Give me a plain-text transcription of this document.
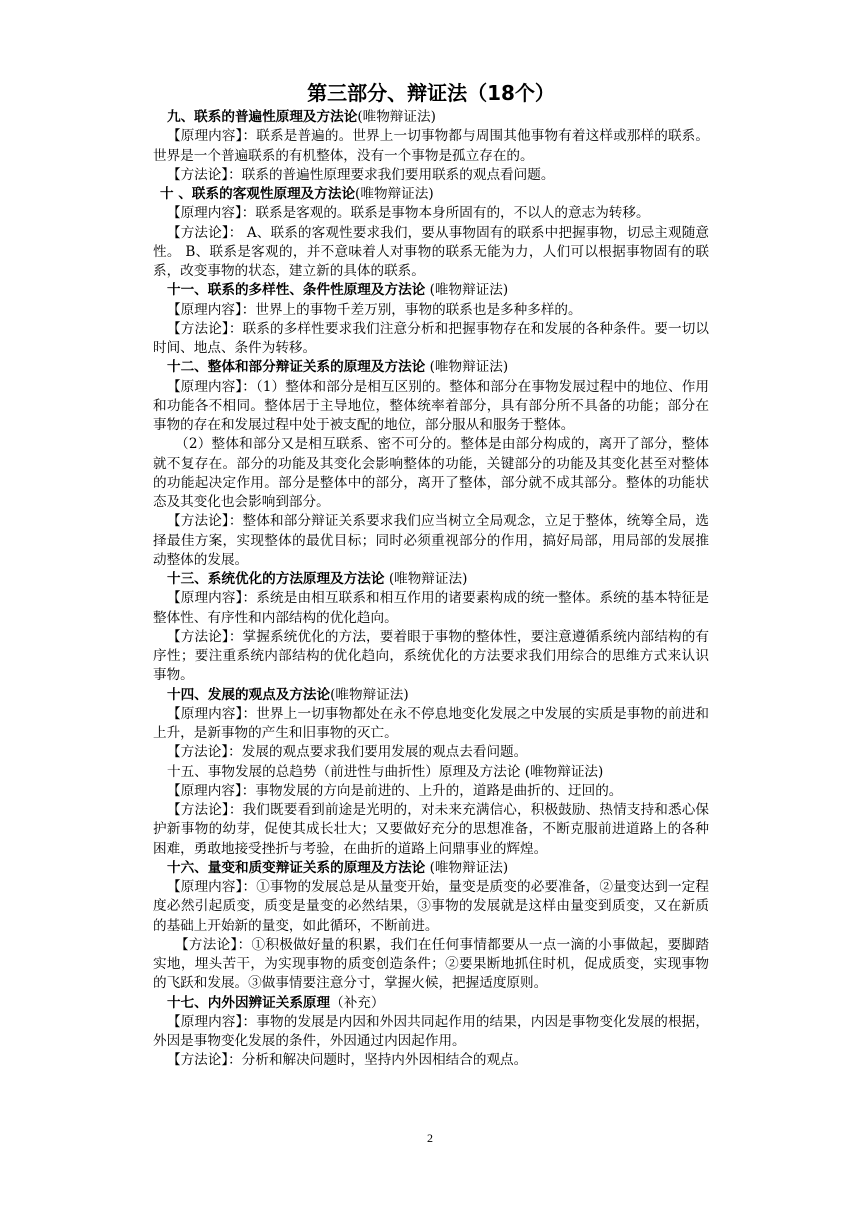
第三部分、辩证法（18个）

九、联系的普遍性原理及方法论(唯物辩证法)

【原理内容】：联系是普遍的。世界上一切事物都与周围其他事物有着这样或那样的联系。世界是一个普遍联系的有机整体，没有一个事物是孤立存在的。

【方法论】：联系的普遍性原理要求我们要用联系的观点看问题。

十 、联系的客观性原理及方法论(唯物辩证法)

【原理内容】：联系是客观的。联系是事物本身所固有的，不以人的意志为转移。

【方法论】： A、联系的客观性要求我们，要从事物固有的联系中把握事物，切忌主观随意性。 B、联系是客观的，并不意味着人对事物的联系无能为力，人们可以根据事物固有的联系，改变事物的状态，建立新的具体的联系。

十一、联系的多样性、条件性原理及方法论 (唯物辩证法)

【原理内容】：世界上的事物千差万别，事物的联系也是多种多样的。

【方法论】：联系的多样性要求我们注意分析和把握事物存在和发展的各种条件。要一切以时间、地点、条件为转移。

十二、整体和部分辩证关系的原理及方法论 (唯物辩证法)

【原理内容】：（1）整体和部分是相互区别的。整体和部分在事物发展过程中的地位、作用和功能各不相同。整体居于主导地位，整体统率着部分，具有部分所不具备的功能；部分在事物的存在和发展过程中处于被支配的地位，部分服从和服务于整体。

（2）整体和部分又是相互联系、密不可分的。整体是由部分构成的，离开了部分，整体就不复存在。部分的功能及其变化会影响整体的功能，关键部分的功能及其变化甚至对整体的功能起决定作用。部分是整体中的部分，离开了整体，部分就不成其部分。整体的功能状态及其变化也会影响到部分。

【方法论】：整体和部分辩证关系要求我们应当树立全局观念，立足于整体，统筹全局，选择最佳方案，实现整体的最优目标；同时必须重视部分的作用，搞好局部，用局部的发展推动整体的发展。

十三、系统优化的方法原理及方法论 (唯物辩证法)

【原理内容】：系统是由相互联系和相互作用的诸要素构成的统一整体。系统的基本特征是整体性、有序性和内部结构的优化趋向。

【方法论】：掌握系统优化的方法，要着眼于事物的整体性，要注意遵循系统内部结构的有序性；要注重系统内部结构的优化趋向，系统优化的方法要求我们用综合的思维方式来认识事物。

十四、发展的观点及方法论(唯物辩证法)

【原理内容】：世界上一切事物都处在永不停息地变化发展之中发展的实质是事物的前进和上升，是新事物的产生和旧事物的灭亡。

【方法论】：发展的观点要求我们要用发展的观点去看问题。

十五、事物发展的总趋势（前进性与曲折性）原理及方法论 (唯物辩证法)

【原理内容】：事物发展的方向是前进的、上升的，道路是曲折的、迂回的。

【方法论】：我们既要看到前途是光明的，对未来充满信心，积极鼓励、热情支持和悉心保护新事物的幼芽，促使其成长壮大；又要做好充分的思想准备，不断克服前进道路上的各种困难，勇敢地接受挫折与考验，在曲折的道路上问鼎事业的辉煌。

十六、量变和质变辩证关系的原理及方法论 (唯物辩证法)

【原理内容】：①事物的发展总是从量变开始，量变是质变的必要准备，②量变达到一定程度必然引起质变，质变是量变的必然结果，③事物的发展就是这样由量变到质变，又在新质的基础上开始新的量变，如此循环，不断前进。

【方法论】：①积极做好量的积累，我们在任何事情都要从一点一滴的小事做起，要脚踏实地，埋头苦干，为实现事物的质变创造条件；②要果断地抓住时机，促成质变，实现事物的飞跃和发展。③做事情要注意分寸，掌握火候，把握适度原则。

十七、内外因辨证关系原理（补充）

【原理内容】：事物的发展是内因和外因共同起作用的结果，内因是事物变化发展的根据，外因是事物变化发展的条件，外因通过内因起作用。

【方法论】：分析和解决问题时，坚持内外因相结合的观点。

2
